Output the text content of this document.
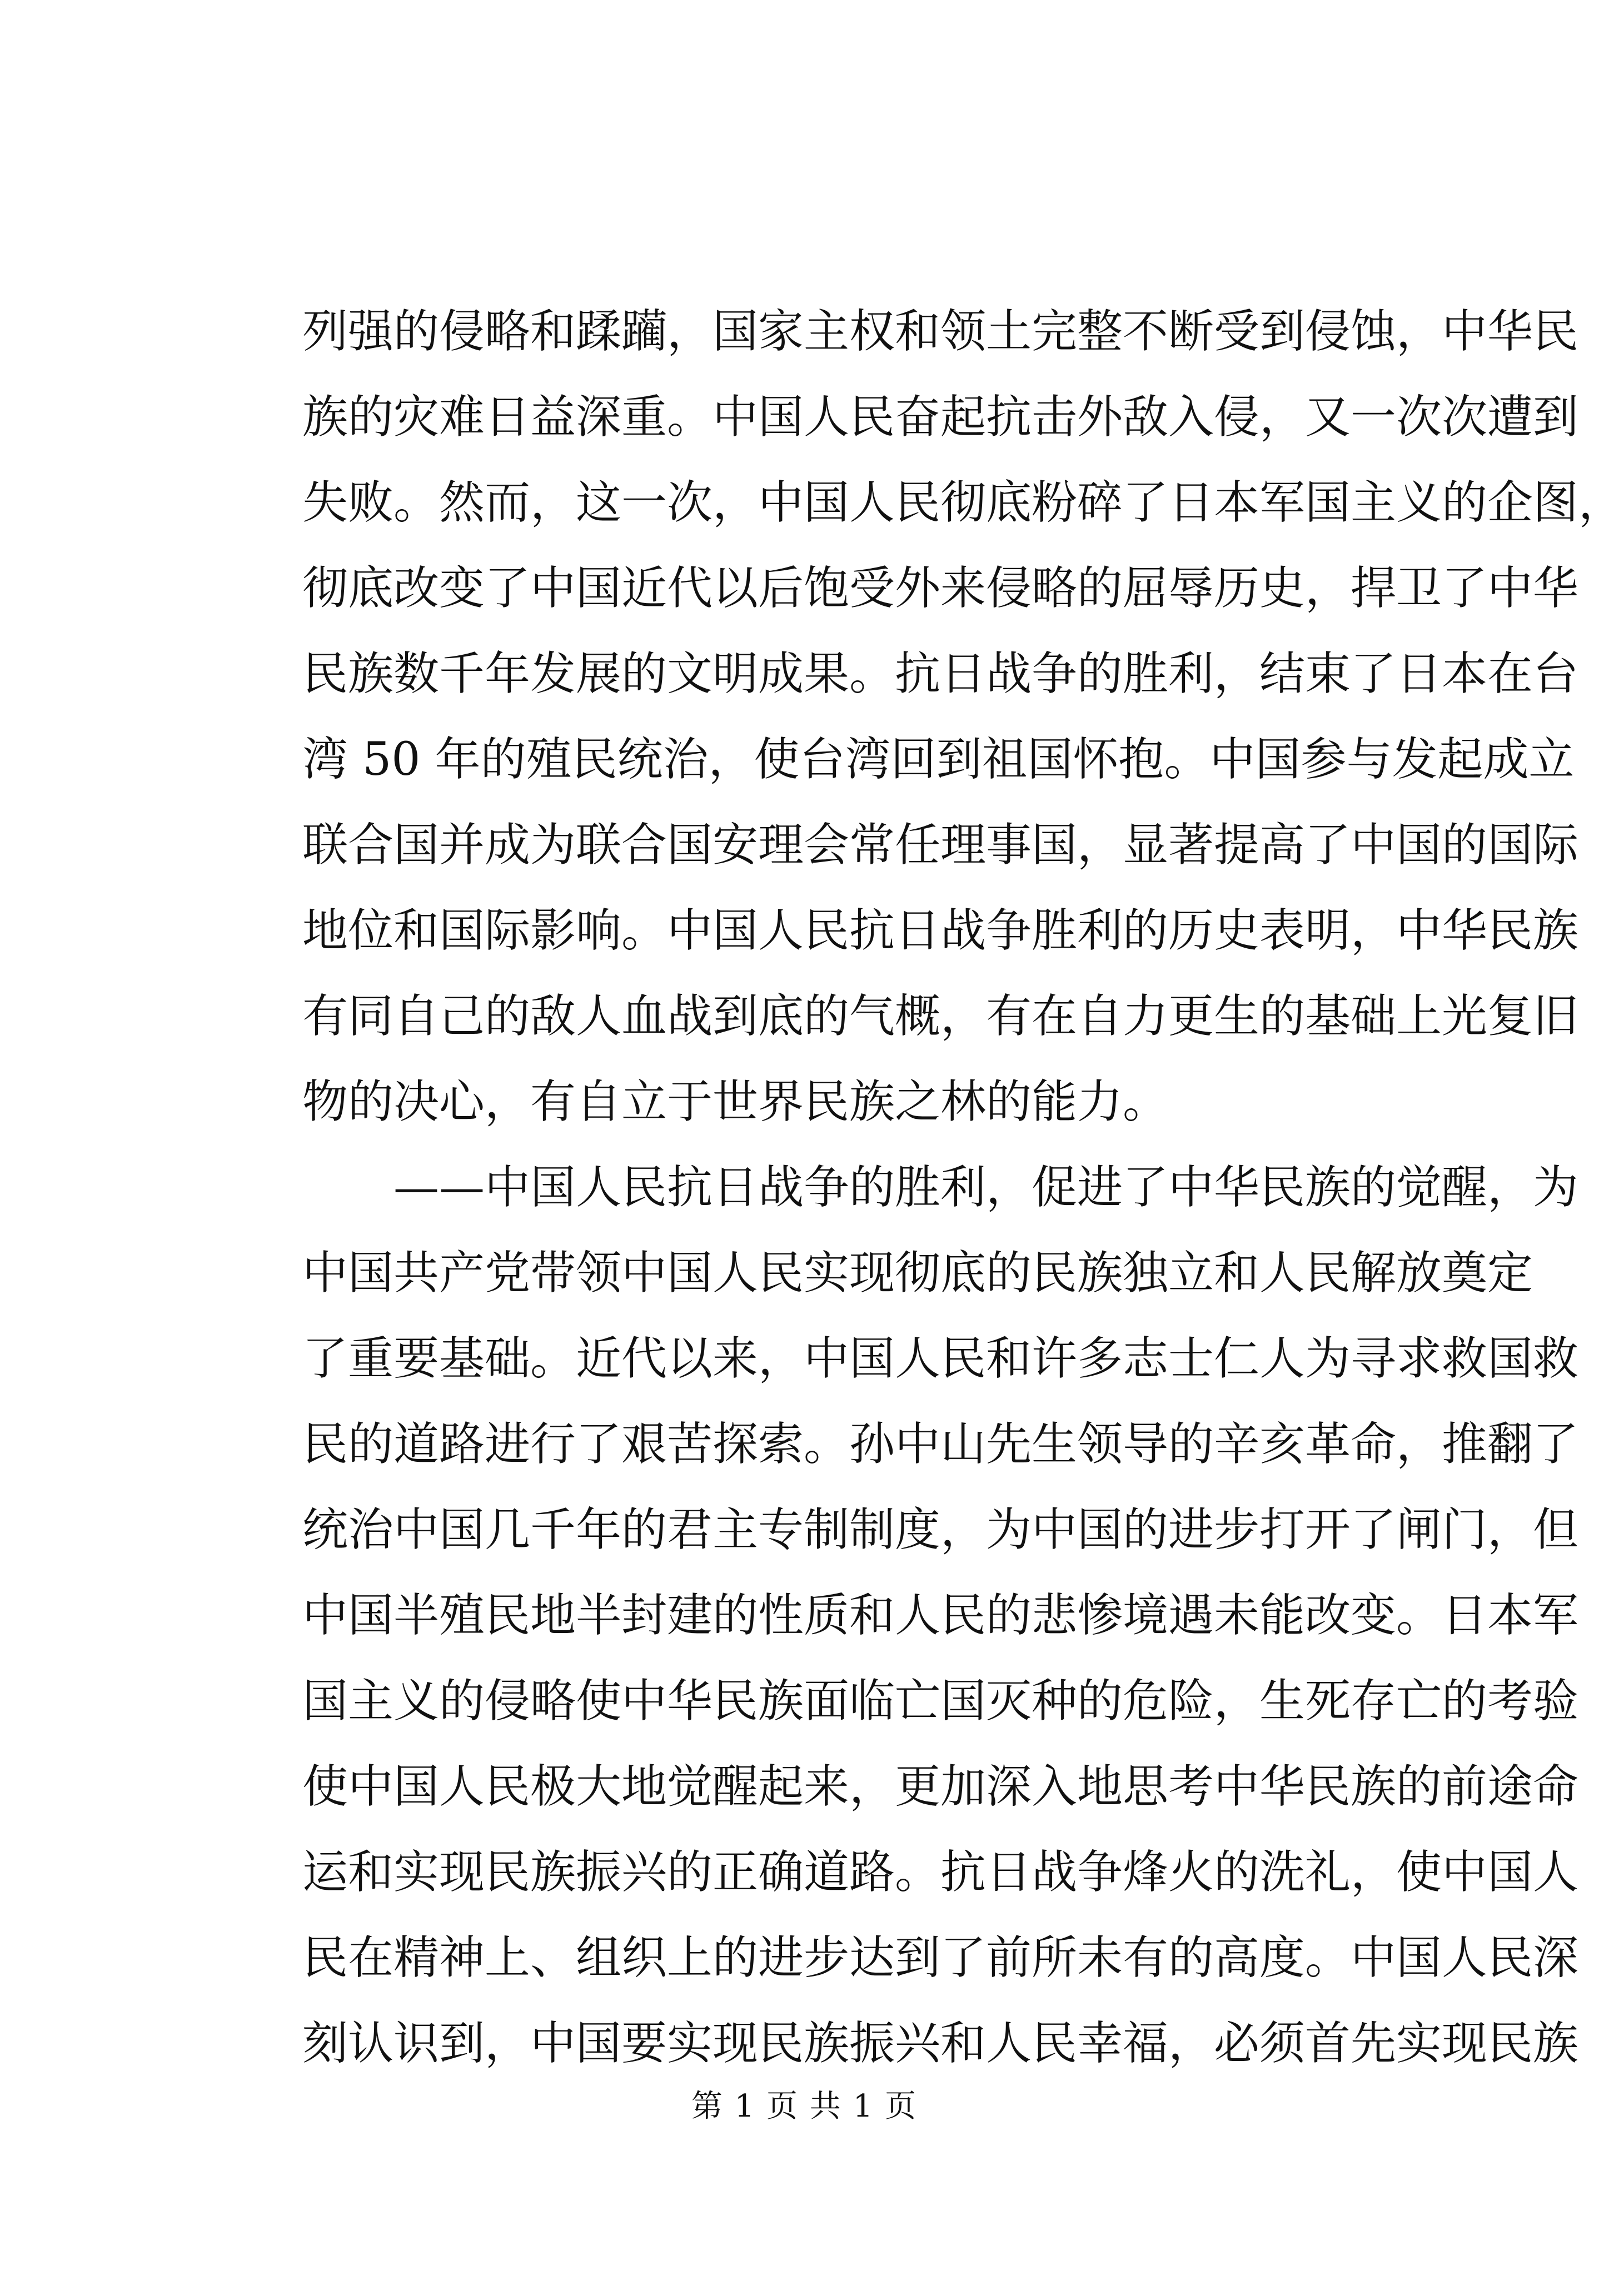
列强的侵略和蹂躏，国家主权和领土完整不断受到侵蚀，中华民
族的灾难日益深重。中国人民奋起抗击外敌入侵，又一次次遭到
失败。然而，这一次，中国人民彻底粉碎了日本军国主义的企图，
彻底改变了中国近代以后饱受外来侵略的屈辱历史，捍卫了中华
民族数千年发展的文明成果。抗日战争的胜利，结束了日本在台
湾 50 年的殖民统治，使台湾回到祖国怀抱。中国参与发起成立
联合国并成为联合国安理会常任理事国，显著提高了中国的国际
地位和国际影响。中国人民抗日战争胜利的历史表明，中华民族
有同自己的敌人血战到底的气概，有在自力更生的基础上光复旧
物的决心，有自立于世界民族之林的能力。
——中国人民抗日战争的胜利，促进了中华民族的觉醒，为
中国共产党带领中国人民实现彻底的民族独立和人民解放奠定
了重要基础。近代以来，中国人民和许多志士仁人为寻求救国救
民的道路进行了艰苦探索。孙中山先生领导的辛亥革命，推翻了
统治中国几千年的君主专制制度，为中国的进步打开了闸门，但
中国半殖民地半封建的性质和人民的悲惨境遇未能改变。日本军
国主义的侵略使中华民族面临亡国灭种的危险，生死存亡的考验
使中国人民极大地觉醒起来，更加深入地思考中华民族的前途命
运和实现民族振兴的正确道路。抗日战争烽火的洗礼，使中国人
民在精神上、组织上的进步达到了前所未有的高度。中国人民深
刻认识到，中国要实现民族振兴和人民幸福，必须首先实现民族
第 1 页 共 1 页
